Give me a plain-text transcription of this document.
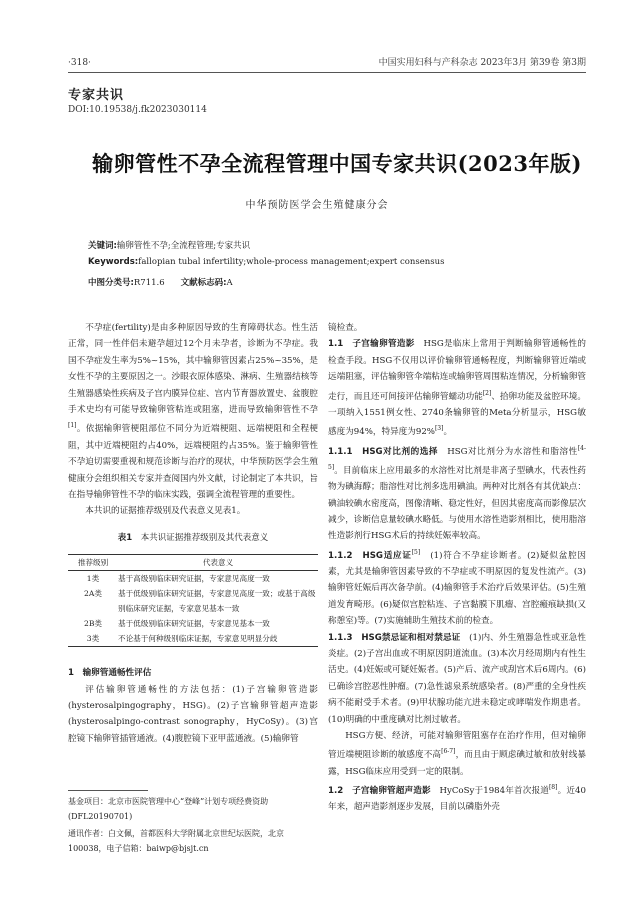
·318·	中国实用妇科与产科杂志 2023年3月 第39卷 第3期
专家共识
DOI:10.19538/j.fk2023030114
输卵管性不孕全流程管理中国专家共识(2023年版)
中华预防医学会生殖健康分会
关键词:输卵管性不孕;全流程管理;专家共识
Keywords:fallopian tubal infertility;whole-process management;expert consensus
中图分类号:R711.6 文献标志码:A

不孕症(fertility)是由多种原因导致的生育障碍状态。性生活正常，同一性伴侣未避孕超过12个月未孕者，诊断为不孕症。我国不孕症发生率为5%~15%，其中输卵管因素占25%~35%，是女性不孕的主要原因之一。沙眼衣原体感染、淋病、生殖器结核等生殖器感染性疾病及子宫内膜异位症、宫内节育器放置史、盆腹腔手术史均有可能导致输卵管粘连或阻塞，进而导致输卵管性不孕[1]。依据输卵管梗阻部位不同分为近端梗阻、远端梗阻和全程梗阻，其中近端梗阻约占40%，远端梗阻约占35%。鉴于输卵管性不孕迫切需要重视和规范诊断与治疗的现状，中华预防医学会生殖健康分会组织相关专家并查阅国内外文献，讨论制定了本共识，旨在指导输卵管性不孕的临床实践，强调全流程管理的重要性。

本共识的证据推荐级别及代表意义见表1。

表1　 本共识证据推荐级别及其代表意义
推荐级别	代表意义
1类	基于高级别临床研究证据，专家意见高度一致
2A类	基于低级别临床研究证据，专家意见高度一致；或基于高级别临床研究证据，专家意见基本一致
2B类	基于低级别临床研究证据，专家意见基本一致
3类	不论基于何种级别临床证据，专家意见明显分歧

1　输卵管通畅性评估

评估输卵管通畅性的方法包括：(1)子宫输卵管造影(hysterosalpingography，HSG)。(2)子宫输卵管超声造影(hysterosalpingo-contrast sonography，HyCoSy)。(3)宫腔镜下输卵管插管通液。(4)腹腔镜下亚甲蓝通液。(5)输卵管

基金项目：北京市医院管理中心“登峰”计划专项经费资助(DFL20190701)
通讯作者：白文佩，首都医科大学附属北京世纪坛医院，北京 100038，电子信箱：baiwp@bjsjt.cn

镜检查。

1.1　子宫输卵管造影　 HSG是临床上常用于判断输卵管通畅性的检查手段。HSG不仅用以评价输卵管通畅程度，判断输卵管近端或远端阻塞，评估输卵管伞端粘连或输卵管周围粘连情况，分析输卵管走行，而且还可间接评估输卵管蠕动功能[2]、拾卵功能及盆腔环境。一项纳入1551例女性、2740条输卵管的Meta分析显示，HSG敏感度为94%，特异度为92%[3]。

1.1.1　HSG对比剂的选择　 HSG对比剂分为水溶性和脂溶性[4-5]。目前临床上应用最多的水溶性对比剂是非离子型碘水，代表性药物为碘海醇；脂溶性对比剂多选用碘油。两种对比剂各有其优缺点：碘油较碘水密度高，图像清晰、稳定性好，但因其密度高而影像层次减少，诊断信息量较碘水略低。与使用水溶性造影剂相比，使用脂溶性造影剂行HSG术后的持续妊娠率较高。

1.1.2　HSG适应证[5]　 (1)符合不孕症诊断者。(2)疑似盆腔因素，尤其是输卵管因素导致的不孕症或不明原因的复发性流产。(3)输卵管妊娠后再次备孕前。(4)输卵管手术治疗后效果评估。(5)生殖道发育畸形。(6)疑似宫腔粘连、子宫黏膜下肌瘤、宫腔瘢痕缺损(又称憩室)等。(7)实施辅助生殖技术前的检查。

1.1.3　HSG禁忌证和相对禁忌证　 (1)内、外生殖器急性或亚急性炎症。(2)子宫出血或不明原因阴道流血。(3)本次月经周期内有性生活史。(4)妊娠或可疑妊娠者。(5)产后、流产或刮宫术后6周内。(6)已确诊宫腔恶性肿瘤。(7)急性滤泉系统感染者。(8)严重的全身性疾病不能耐受手术者。(9)甲状腺功能亢进未稳定或哮喘发作期患者。(10)明确的中重度碘对比剂过敏者。

HSG方便、经济，可能对输卵管阻塞存在治疗作用，但对输卵管近端梗阻诊断的敏感度不高[6-7]，而且由于顾虑碘过敏和放射线暴露，HSG临床应用受到一定的限制。

1.2　子宫输卵管超声造影　 HyCoSy于1984年首次报道[8]。近40年来，超声造影剂逐步发展，目前以磷脂外壳
